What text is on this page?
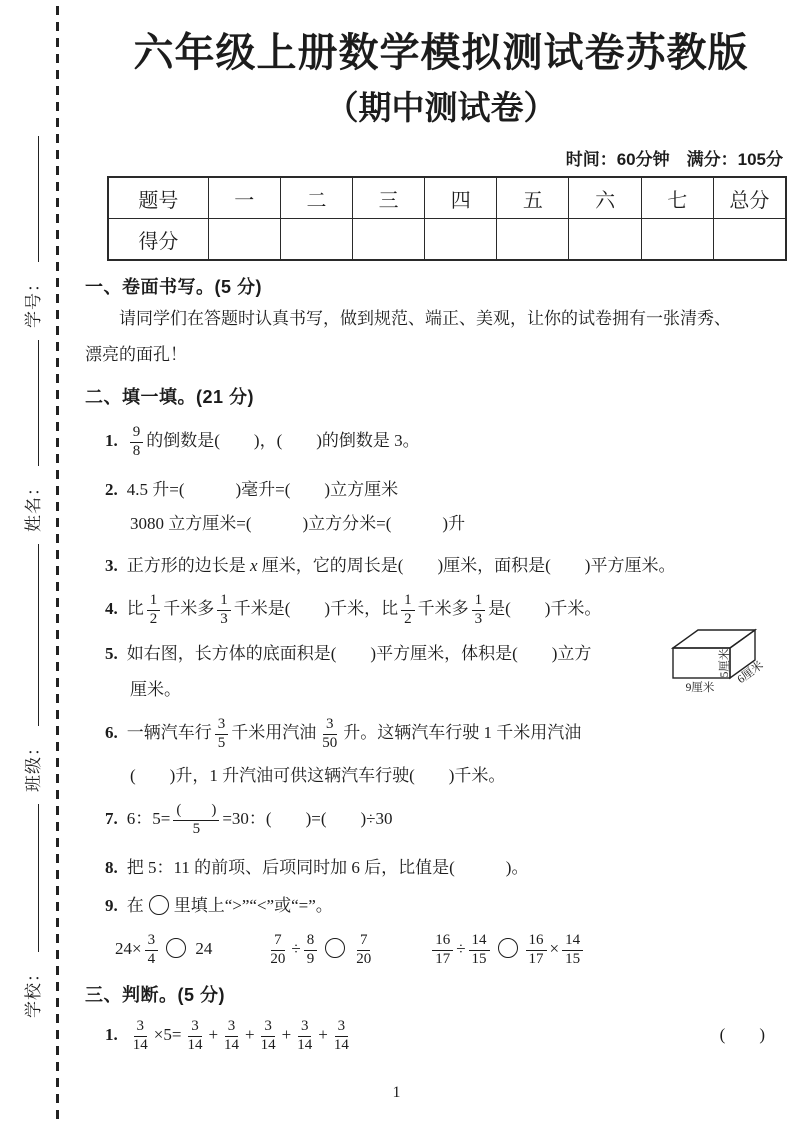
学校：
班级：
姓名：
学号：
六年级上册数学模拟测试卷苏教版
（期中测试卷）
时间：60分钟　满分：105分
题号	一	二	三	四	五	六	七	总分
得分								
一、卷面书写。(5 分)
请同学们在答题时认真书写，做到规范、端正、美观，让你的试卷拥有一张清秀、
漂亮的面孔！
二、填一填。(21 分)
1. $\frac{9}{8}$ 的倒数是(　　)，(　　)的倒数是 3。
2. 4.5 升=(　　　)毫升=(　　)立方厘米
3080 立方厘米=(　　　)立方分米=(　　　)升
3. 正方形的边长是 x 厘米，它的周长是(　　)厘米，面积是(　　)平方厘米。
4. 比 $\frac{1}{2}$ 千米多 $\frac{1}{3}$ 千米是(　　)千米，比 $\frac{1}{2}$ 千米多 $\frac{1}{3}$ 是(　　)千米。
5. 如右图，长方体的底面积是(　　)平方厘米，体积是(　　)立方
厘米。
6. 一辆汽车行 $\frac{3}{5}$ 千米用汽油 $\frac{3}{50}$ 升。这辆汽车行驶 1 千米用汽油
(　　)升，1 升汽油可供这辆汽车行驶(　　)千米。
7. 6：$5= \frac{( )}{5} =30$：(　　)=(　　)÷30
8. 把 5：11 的前项、后项同时加 6 后，比值是(　　　)。
9. 在 里填上“>”“<”或“=”。
$24\times \frac{3}{4} 24$	$\frac{7}{20} \div \frac{8}{9} \frac{7}{20}$	$\frac{16}{17} \div \frac{14}{15} \frac{16}{17} \times \frac{14}{15}$
三、判断。(5 分)
1. $\frac{3}{14} \times 5= \frac{3}{14} + \frac{3}{14} + \frac{3}{14} + \frac{3}{14} + \frac{3}{14}$	(　　)
9厘米
6厘米
5厘米
1
